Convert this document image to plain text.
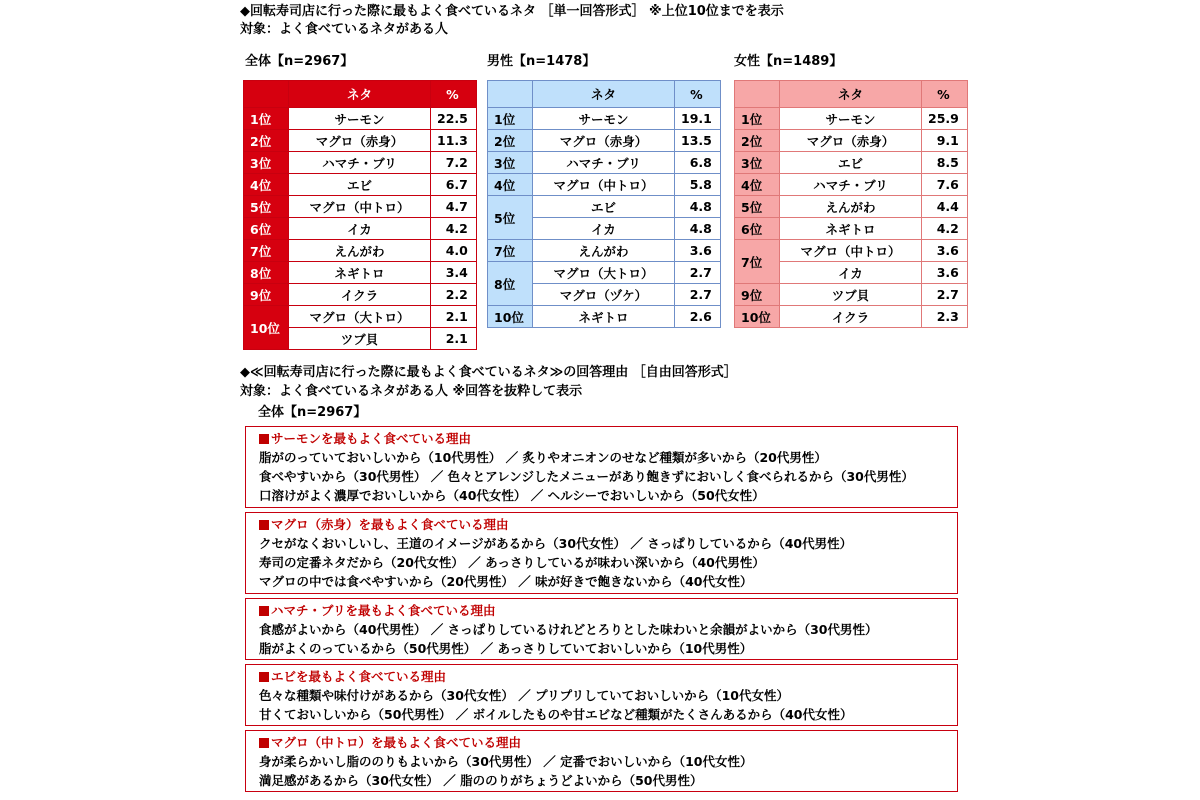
◆回転寿司店に行った際に最もよく食べているネタ ［単一回答形式］ ※上位10位までを表示
対象：よく食べているネタがある人
全体【n=2967】	男性【n=1478】	女性【n=1489】
	ネタ	%
1位	サーモン	22.5
2位	マグロ（赤身）	11.3
3位	ハマチ・ブリ	7.2
4位	エビ	6.7
5位	マグロ（中トロ）	4.7
6位	イカ	4.2
7位	えんがわ	4.0
8位	ネギトロ	3.4
9位	イクラ	2.2
10位	マグロ（大トロ）	2.1
	ツブ貝	2.1
	ネタ	%
1位	サーモン	19.1
2位	マグロ（赤身）	13.5
3位	ハマチ・ブリ	6.8
4位	マグロ（中トロ）	5.8
5位	エビ	4.8
	イカ	4.8
7位	えんがわ	3.6
8位	マグロ（大トロ）	2.7
	マグロ（ヅケ）	2.7
10位	ネギトロ	2.6
	ネタ	%
1位	サーモン	25.9
2位	マグロ（赤身）	9.1
3位	エビ	8.5
4位	ハマチ・ブリ	7.6
5位	えんがわ	4.4
6位	ネギトロ	4.2
7位	マグロ（中トロ）	3.6
	イカ	3.6
9位	ツブ貝	2.7
10位	イクラ	2.3
◆≪回転寿司店に行った際に最もよく食べているネタ≫の回答理由 ［自由回答形式］
対象：よく食べているネタがある人 ※回答を抜粋して表示
全体【n=2967】
サーモンを最もよく食べている理由
脂がのっていておいしいから（10代男性） ／ 炙りやオニオンのせなど種類が多いから（20代男性）
食べやすいから（30代男性） ／ 色々とアレンジしたメニューがあり飽きずにおいしく食べられるから（30代男性）
口溶けがよく濃厚でおいしいから（40代女性） ／ ヘルシーでおいしいから（50代女性）
マグロ（赤身）を最もよく食べている理由
クセがなくおいしいし、王道のイメージがあるから（30代女性） ／ さっぱりしているから（40代男性）
寿司の定番ネタだから（20代女性） ／ あっさりしているが味わい深いから（40代男性）
マグロの中では食べやすいから（20代男性） ／ 味が好きで飽きないから（40代女性）
ハマチ・ブリを最もよく食べている理由
食感がよいから（40代男性） ／ さっぱりしているけれどとろりとした味わいと余韻がよいから（30代男性）
脂がよくのっているから（50代男性） ／ あっさりしていておいしいから（10代男性）
エビを最もよく食べている理由
色々な種類や味付けがあるから（30代女性） ／ プリプリしていておいしいから（10代女性）
甘くておいしいから（50代男性） ／ ボイルしたものや甘エビなど種類がたくさんあるから（40代女性）
マグロ（中トロ）を最もよく食べている理由
身が柔らかいし脂ののりもよいから（30代男性） ／ 定番でおいしいから（10代女性）
満足感があるから（30代女性） ／ 脂ののりがちょうどよいから（50代男性）
